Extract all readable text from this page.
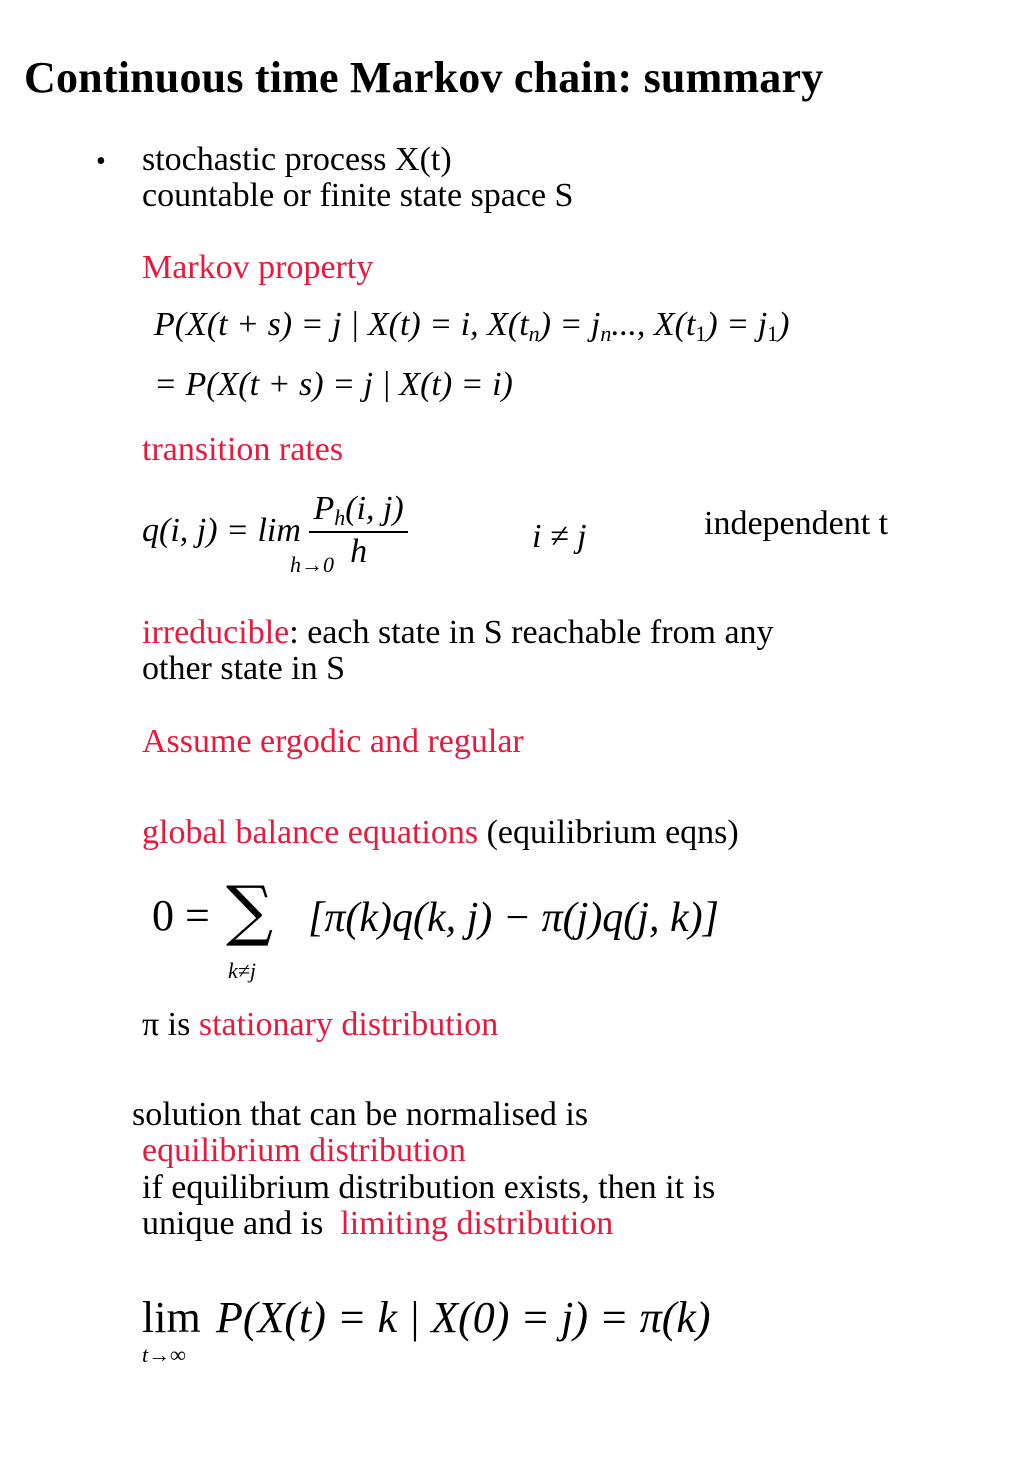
Continuous time Markov chain: summary
• stochastic process X(t)
countable or finite state space S
Markov property
P(X(t + s) = j | X(t) = i, $X(t_n) = j_n$..., $X(t_1) = j_1$)
= P(X(t + s) = j | X(t) = i)
transition rates
q(i, j) = lim
h→0

$\frac{P_h(i, j)}{h}$	i ≠ j	independent t
irreducible: each state in S reachable from any
other state in S
Assume ergodic and regular
global balance equations (equilibrium eqns)
0 = ∑
k≠j
[π(k)q(k, j) − π(j)q(j, k)]
π is stationary distribution
solution that can be normalised is
equilibrium distribution
if equilibrium distribution exists, then it is
unique and is  limiting distribution
lim
t→∞
P(X(t) = k | X(0) = j) = π(k)
